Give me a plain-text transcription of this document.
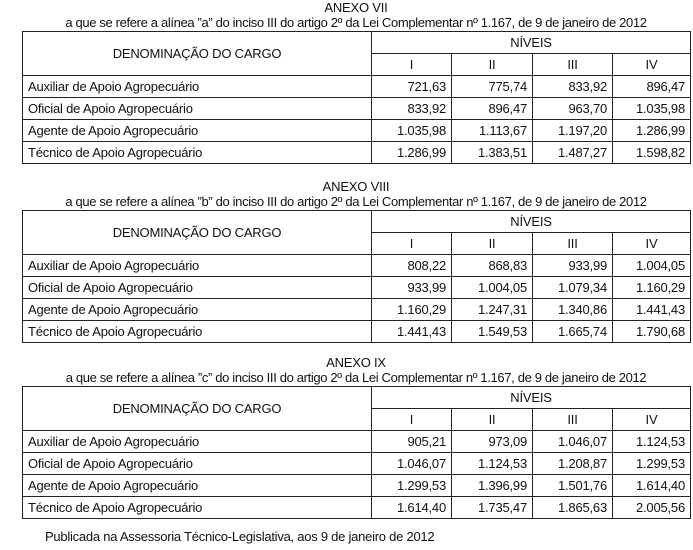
ANEXO VII
a que se refere a alínea ”a” do inciso III do artigo 2º da Lei Complementar nº 1.167, de 9 de janeiro de 2012
DENOMINAÇÃO DO CARGO	NÍVEIS			
	I	II	III	IV
Auxiliar de Apoio Agropecuário	721,63	775,74	833,92	896,47
Oficial de Apoio Agropecuário	833,92	896,47	963,70	1.035,98
Agente de Apoio Agropecuário	1.035,98	1.113,67	1.197,20	1.286,99
Técnico de Apoio Agropecuário	1.286,99	1.383,51	1.487,27	1.598,82
ANEXO VIII
a que se refere a alínea ”b” do inciso III do artigo 2º da Lei Complementar nº 1.167, de 9 de janeiro de 2012
DENOMINAÇÃO DO CARGO	NÍVEIS			
	I	II	III	IV
Auxiliar de Apoio Agropecuário	808,22	868,83	933,99	1.004,05
Oficial de Apoio Agropecuário	933,99	1.004,05	1.079,34	1.160,29
Agente de Apoio Agropecuário	1.160,29	1.247,31	1.340,86	1.441,43
Técnico de Apoio Agropecuário	1.441,43	1.549,53	1.665,74	1.790,68
ANEXO IX
a que se refere a alínea ”c” do inciso III do artigo 2º da Lei Complementar nº 1.167, de 9 de janeiro de 2012
DENOMINAÇÃO DO CARGO	NÍVEIS			
	I	II	III	IV
Auxiliar de Apoio Agropecuário	905,21	973,09	1.046,07	1.124,53
Oficial de Apoio Agropecuário	1.046,07	1.124,53	1.208,87	1.299,53
Agente de Apoio Agropecuário	1.299,53	1.396,99	1.501,76	1.614,40
Técnico de Apoio Agropecuário	1.614,40	1.735,47	1.865,63	2.005,56
Publicada na Assessoria Técnico-Legislativa, aos 9 de janeiro de 2012
